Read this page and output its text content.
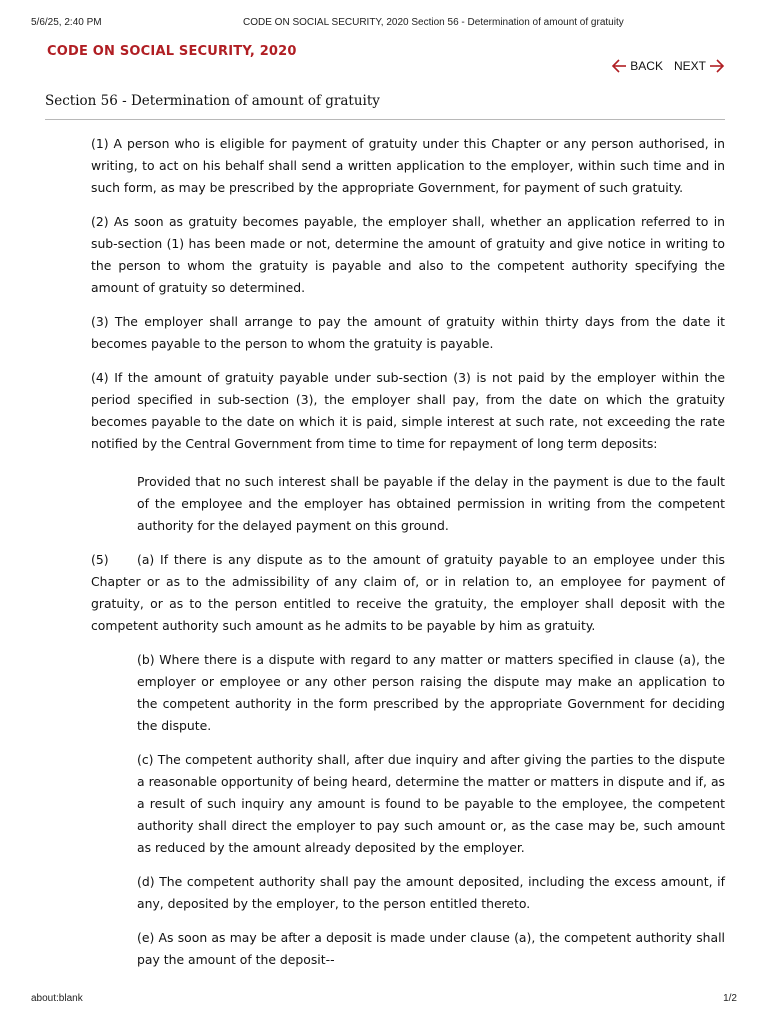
5/6/25, 2:40 PM	CODE ON SOCIAL SECURITY, 2020 Section 56 - Determination of amount of gratuity
CODE ON SOCIAL SECURITY, 2020
BACK NEXT
Section 56 - Determination of amount of gratuity

(1) A person who is eligible for payment of gratuity under this Chapter or any person authorised, in writing, to act on his behalf shall send a written application to the employer, within such time and in such form, as may be prescribed by the appropriate Government, for payment of such gratuity.

(2) As soon as gratuity becomes payable, the employer shall, whether an application referred to in sub-section (1) has been made or not, determine the amount of gratuity and give notice in writing to the person to whom the gratuity is payable and also to the competent authority specifying the amount of gratuity so determined.

(3) The employer shall arrange to pay the amount of gratuity within thirty days from the date it becomes payable to the person to whom the gratuity is payable.

(4) If the amount of gratuity payable under sub-section (3) is not paid by the employer within the period specified in sub-section (3), the employer shall pay, from the date on which the gratuity becomes payable to the date on which it is paid, simple interest at such rate, not exceeding the rate notified by the Central Government from time to time for repayment of long term deposits:

Provided that no such interest shall be payable if the delay in the payment is due to the fault of the employee and the employer has obtained permission in writing from the competent authority for the delayed payment on this ground.

(5) (a) If there is any dispute as to the amount of gratuity payable to an employee under this Chapter or as to the admissibility of any claim of, or in relation to, an employee for payment of gratuity, or as to the person entitled to receive the gratuity, the employer shall deposit with the competent authority such amount as he admits to be payable by him as gratuity.

(b) Where there is a dispute with regard to any matter or matters specified in clause (a), the employer or employee or any other person raising the dispute may make an application to the competent authority in the form prescribed by the appropriate Government for deciding the dispute.

(c) The competent authority shall, after due inquiry and after giving the parties to the dispute a reasonable opportunity of being heard, determine the matter or matters in dispute and if, as a result of such inquiry any amount is found to be payable to the employee, the competent authority shall direct the employer to pay such amount or, as the case may be, such amount as reduced by the amount already deposited by the employer.

(d) The competent authority shall pay the amount deposited, including the excess amount, if any, deposited by the employer, to the person entitled thereto.

(e) As soon as may be after a deposit is made under clause (a), the competent authority shall pay the amount of the deposit--

about:blank	1/2
